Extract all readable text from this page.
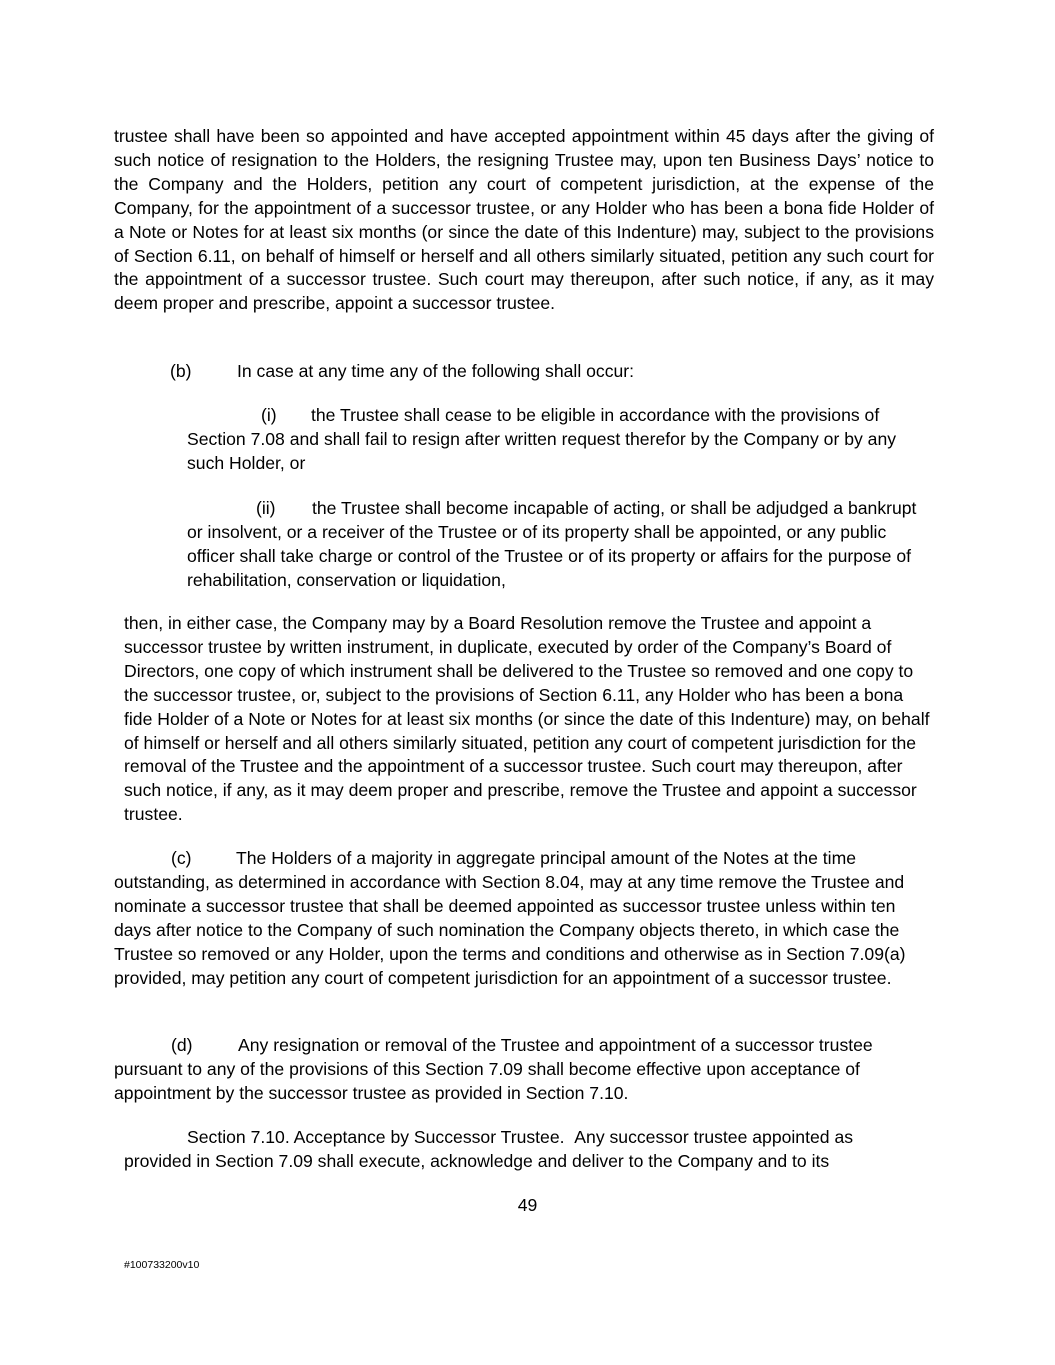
trustee shall have been so appointed and have accepted appointment within 45 days after the giving of such notice of resignation to the Holders, the resigning Trustee may, upon ten Business Days’ notice to the Company and the Holders, petition any court of competent jurisdiction, at the expense of the Company, for the appointment of a successor trustee, or any Holder who has been a bona fide Holder of a Note or Notes for at least six months (or since the date of this Indenture) may, subject to the provisions of Section 6.11, on behalf of himself or herself and all others similarly situated, petition any such court for the appointment of a successor trustee. Such court may thereupon, after such notice, if any, as it may deem proper and prescribe, appoint a successor trustee.

(b)	In case at any time any of the following shall occur:

(i) the Trustee shall cease to be eligible in accordance with the provisions of Section 7.08 and shall fail to resign after written request therefor by the Company or by any such Holder, or

(ii) the Trustee shall become incapable of acting, or shall be adjudged a bankrupt or insolvent, or a receiver of the Trustee or of its property shall be appointed, or any public officer shall take charge or control of the Trustee or of its property or affairs for the purpose of rehabilitation, conservation or liquidation,

then, in either case, the Company may by a Board Resolution remove the Trustee and appoint a successor trustee by written instrument, in duplicate, executed by order of the Company’s Board of Directors, one copy of which instrument shall be delivered to the Trustee so removed and one copy to the successor trustee, or, subject to the provisions of Section 6.11, any Holder who has been a bona fide Holder of a Note or Notes for at least six months (or since the date of this Indenture) may, on behalf of himself or herself and all others similarly situated, petition any court of competent jurisdiction for the removal of the Trustee and the appointment of a successor trustee. Such court may thereupon, after such notice, if any, as it may deem proper and prescribe, remove the Trustee and appoint a successor trustee.

(c)	The Holders of a majority in aggregate principal amount of the Notes at the time outstanding, as determined in accordance with Section 8.04, may at any time remove the Trustee and nominate a successor trustee that shall be deemed appointed as successor trustee unless within ten days after notice to the Company of such nomination the Company objects thereto, in which case the Trustee so removed or any Holder, upon the terms and conditions and otherwise as in Section 7.09(a) provided, may petition any court of competent jurisdiction for an appointment of a successor trustee.

(d)	Any resignation or removal of the Trustee and appointment of a successor trustee pursuant to any of the provisions of this Section 7.09 shall become effective upon acceptance of appointment by the successor trustee as provided in Section 7.10.

Section 7.10. Acceptance by Successor Trustee. Any successor trustee appointed as provided in Section 7.09 shall execute, acknowledge and deliver to the Company and to its

49
#100733200v10
